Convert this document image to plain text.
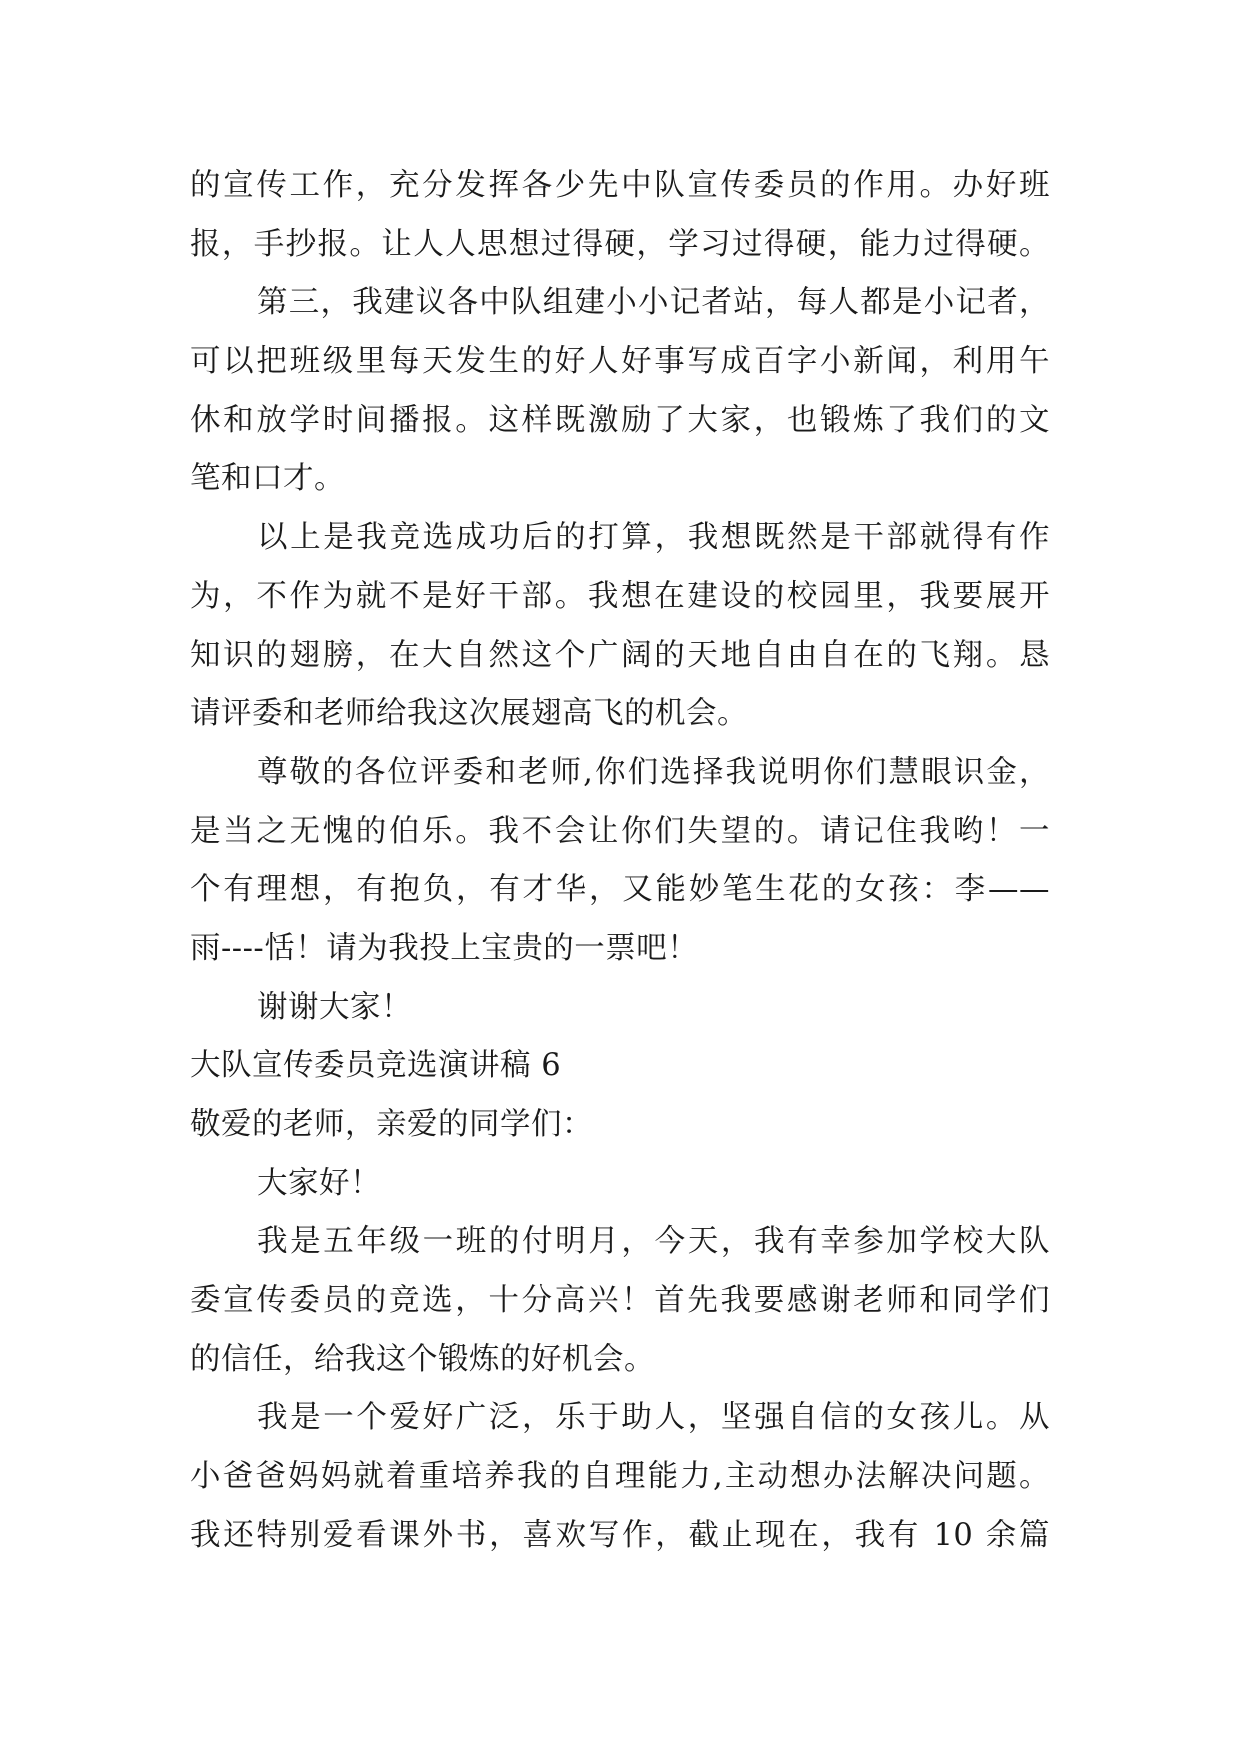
的宣传工作，充分发挥各少先中队宣传委员的作用。办好班
报，手抄报。让人人思想过得硬，学习过得硬，能力过得硬。
第三，我建议各中队组建小小记者站，每人都是小记者，
可以把班级里每天发生的好人好事写成百字小新闻，利用午
休和放学时间播报。这样既激励了大家，也锻炼了我们的文
笔和口才。
以上是我竞选成功后的打算，我想既然是干部就得有作
为，不作为就不是好干部。我想在建设的校园里，我要展开
知识的翅膀，在大自然这个广阔的天地自由自在的飞翔。恳
请评委和老师给我这次展翅高飞的机会。
尊敬的各位评委和老师,你们选择我说明你们慧眼识金，
是当之无愧的伯乐。我不会让你们失望的。请记住我哟！一
个有理想，有抱负，有才华，又能妙笔生花的女孩：李——
雨----恬！请为我投上宝贵的一票吧！
谢谢大家！
大队宣传委员竞选演讲稿 6
敬爱的老师，亲爱的同学们：
大家好！
我是五年级一班的付明月，今天，我有幸参加学校大队
委宣传委员的竞选，十分高兴！首先我要感谢老师和同学们
的信任，给我这个锻炼的好机会。
我是一个爱好广泛，乐于助人，坚强自信的女孩儿。从
小爸爸妈妈就着重培养我的自理能力,主动想办法解决问题。
我还特别爱看课外书，喜欢写作，截止现在，我有 10 余篇
